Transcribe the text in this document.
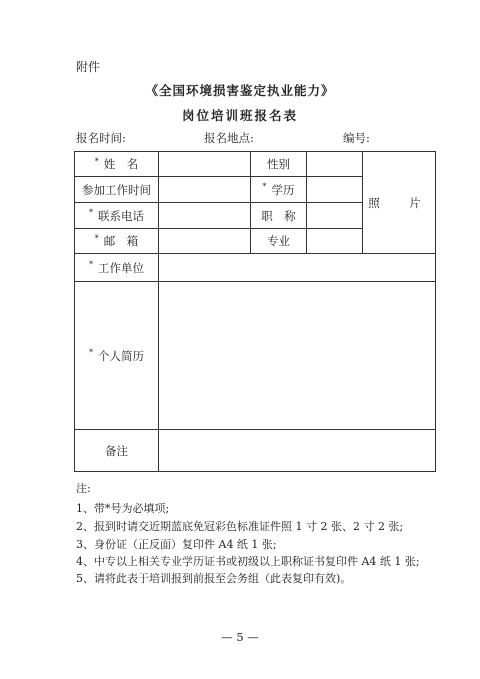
附件
《全国环境损害鉴定执业能力》
岗位培训班报名表
报名时间:	报名地点:	编号:
* 姓　名	性别
参加工作时间	* 学历
* 联系电话	职　称
* 邮　箱	专业
照　片
* 工作单位
* 个人简历
备注
注:
1、带*号为必填项;
2、报到时请交近期蓝底免冠彩色标准证件照 1 寸 2 张、2 寸 2 张;
3、身份证（正反面）复印件 A4 纸 1 张;
4、中专以上相关专业学历证书或初级以上职称证书复印件 A4 纸 1 张;
5、请将此表于培训报到前报至会务组（此表复印有效)。
— 5 —
